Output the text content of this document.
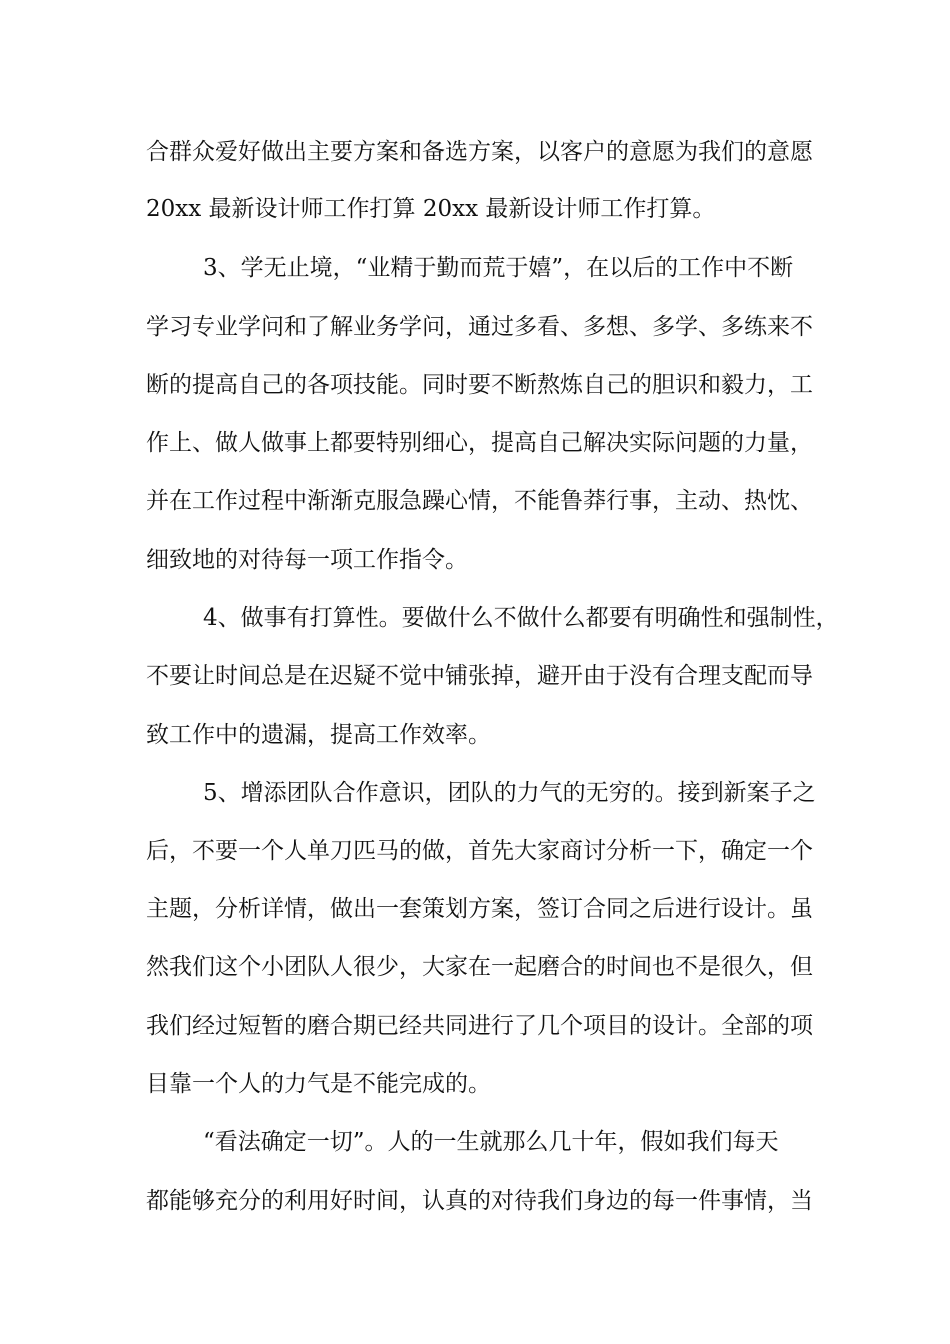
合群众爱好做出主要方案和备选方案，以客户的意愿为我们的意愿
20xx 最新设计师工作打算 20xx 最新设计师工作打算。
3、学无止境，“业精于勤而荒于嬉”，在以后的工作中不断
学习专业学问和了解业务学问，通过多看、多想、多学、多练来不
断的提高自己的各项技能。同时要不断熬炼自己的胆识和毅力，工
作上、做人做事上都要特别细心，提高自己解决实际问题的力量，
并在工作过程中渐渐克服急躁心情，不能鲁莽行事，主动、热忱、
细致地的对待每一项工作指令。
4、做事有打算性。要做什么不做什么都要有明确性和强制性，
不要让时间总是在迟疑不觉中铺张掉，避开由于没有合理支配而导
致工作中的遗漏，提高工作效率。
5、增添团队合作意识，团队的力气的无穷的。接到新案子之
后，不要一个人单刀匹马的做，首先大家商讨分析一下，确定一个
主题，分析详情，做出一套策划方案，签订合同之后进行设计。虽
然我们这个小团队人很少，大家在一起磨合的时间也不是很久，但
我们经过短暂的磨合期已经共同进行了几个项目的设计。全部的项
目靠一个人的力气是不能完成的。
“看法确定一切”。人的一生就那么几十年，假如我们每天
都能够充分的利用好时间，认真的对待我们身边的每一件事情，当
